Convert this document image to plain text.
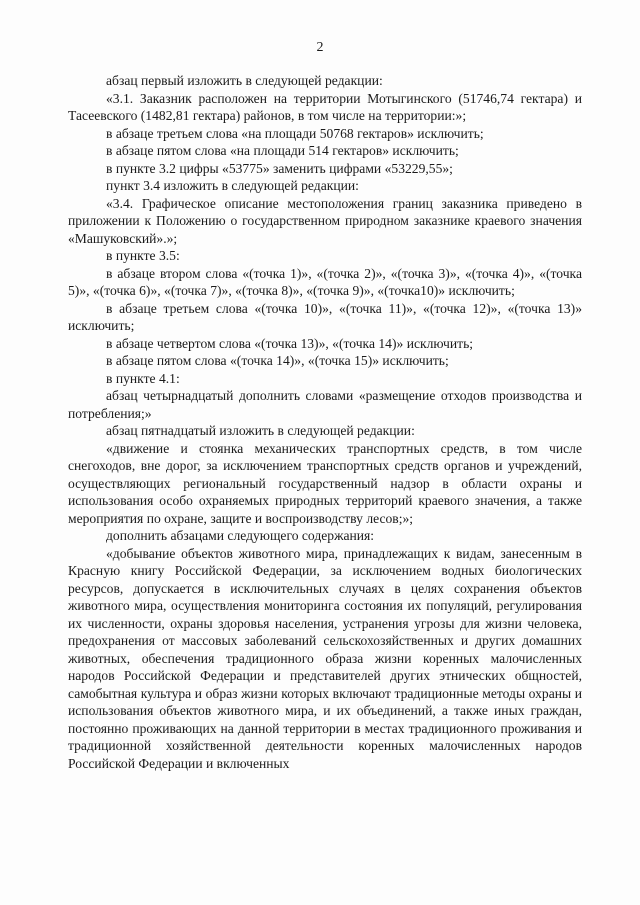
2

абзац первый изложить в следующей редакции:

«3.1. Заказник расположен на территории Мотыгинского (51746,74 гектара) и Тасеевского (1482,81 гектара) районов, в том числе на территории:»;

в абзаце третьем слова «на площади 50768 гектаров» исключить;

в абзаце пятом слова «на площади 514 гектаров» исключить;

в пункте 3.2 цифры «53775» заменить цифрами «53229,55»;

пункт 3.4 изложить в следующей редакции:

«3.4. Графическое описание местоположения границ заказника приведено в приложении к Положению о государственном природном заказнике краевого значения «Машуковский».»;

в пункте 3.5:

в абзаце втором слова «(точка 1)», «(точка 2)», «(точка 3)», «(точка 4)», «(точка 5)», «(точка 6)», «(точка 7)», «(точка 8)», «(точка 9)», «(точка10)» исключить;

в абзаце третьем слова «(точка 10)», «(точка 11)», «(точка 12)», «(точка 13)» исключить;

в абзаце четвертом слова «(точка 13)», «(точка 14)» исключить;

в абзаце пятом слова «(точка 14)», «(точка 15)» исключить;

в пункте 4.1:

абзац четырнадцатый дополнить словами «размещение отходов производства и потребления;»

абзац пятнадцатый изложить в следующей редакции:

«движение и стоянка механических транспортных средств, в том числе снегоходов, вне дорог, за исключением транспортных средств органов и учреждений, осуществляющих региональный государственный надзор в области охраны и использования особо охраняемых природных территорий краевого значения, а также мероприятия по охране, защите и воспроизводству лесов;»;

дополнить абзацами следующего содержания:

«добывание объектов животного мира, принадлежащих к видам, занесенным в Красную книгу Российской Федерации, за исключением водных биологических ресурсов, допускается в исключительных случаях в целях сохранения объектов животного мира, осуществления мониторинга состояния их популяций, регулирования их численности, охраны здоровья населения, устранения угрозы для жизни человека, предохранения от массовых заболеваний сельскохозяйственных и других домашних животных, обеспечения традиционного образа жизни коренных малочисленных народов Российской Федерации и представителей других этнических общностей, самобытная культура и образ жизни которых включают традиционные методы охраны и использования объектов животного мира, и их объединений, а также иных граждан, постоянно проживающих на данной территории в местах традиционного проживания и традиционной хозяйственной деятельности коренных малочисленных народов Российской Федерации и включенных
